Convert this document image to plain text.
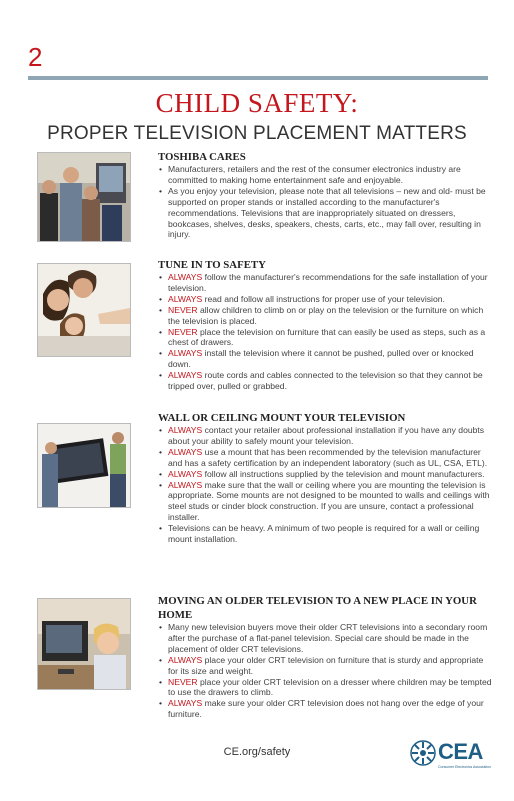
2
CHILD SAFETY:
PROPER TELEVISION PLACEMENT MATTERS
TOSHIBA CARES
• Manufacturers, retailers and the rest of the consumer electronics industry are committed to making home entertainment safe and enjoyable.
• As you enjoy your television, please note that all televisions – new and old- must be supported on proper stands or installed according to the manufacturer's recommendations. Televisions that are inappropriately situated on dressers, bookcases, shelves, desks, speakers, chests, carts, etc., may fall over, resulting in injury.
TUNE IN TO SAFETY
• ALWAYS follow the manufacturer's recommendations for the safe installation of your television.
• ALWAYS read and follow all instructions for proper use of your television.
• NEVER allow children to climb on or play on the television or the furniture on which the television is placed.
• NEVER place the television on furniture that can easily be used as steps, such as a chest of drawers.
• ALWAYS install the television where it cannot be pushed, pulled over or knocked down.
• ALWAYS route cords and cables connected to the television so that they cannot be tripped over, pulled or grabbed.
WALL OR CEILING MOUNT YOUR TELEVISION
• ALWAYS contact your retailer about professional installation if you have any doubts about your ability to safely mount your television.
• ALWAYS use a mount that has been recommended by the television manufacturer and has a safety certification by an independent laboratory (such as UL, CSA, ETL).
• ALWAYS follow all instructions supplied by the television and mount manufacturers.
• ALWAYS make sure that the wall or ceiling where you are mounting the television is appropriate. Some mounts are not designed to be mounted to walls and ceilings with steel studs or cinder block construction. If you are unsure, contact a professional installer.
• Televisions can be heavy. A minimum of two people is required for a wall or ceiling mount installation.
MOVING AN OLDER TELEVISION TO A NEW PLACE IN YOUR HOME
• Many new television buyers move their older CRT televisions into a secondary room after the purchase of a flat-panel television. Special care should be made in the placement of older CRT televisions.
• ALWAYS place your older CRT television on furniture that is sturdy and appropriate for its size and weight.
• NEVER place your older CRT television on a dresser where children may be tempted to use the drawers to climb.
• ALWAYS make sure your older CRT television does not hang over the edge of your furniture.
CE.org/safety	CEA
Consumer Electronics Association
